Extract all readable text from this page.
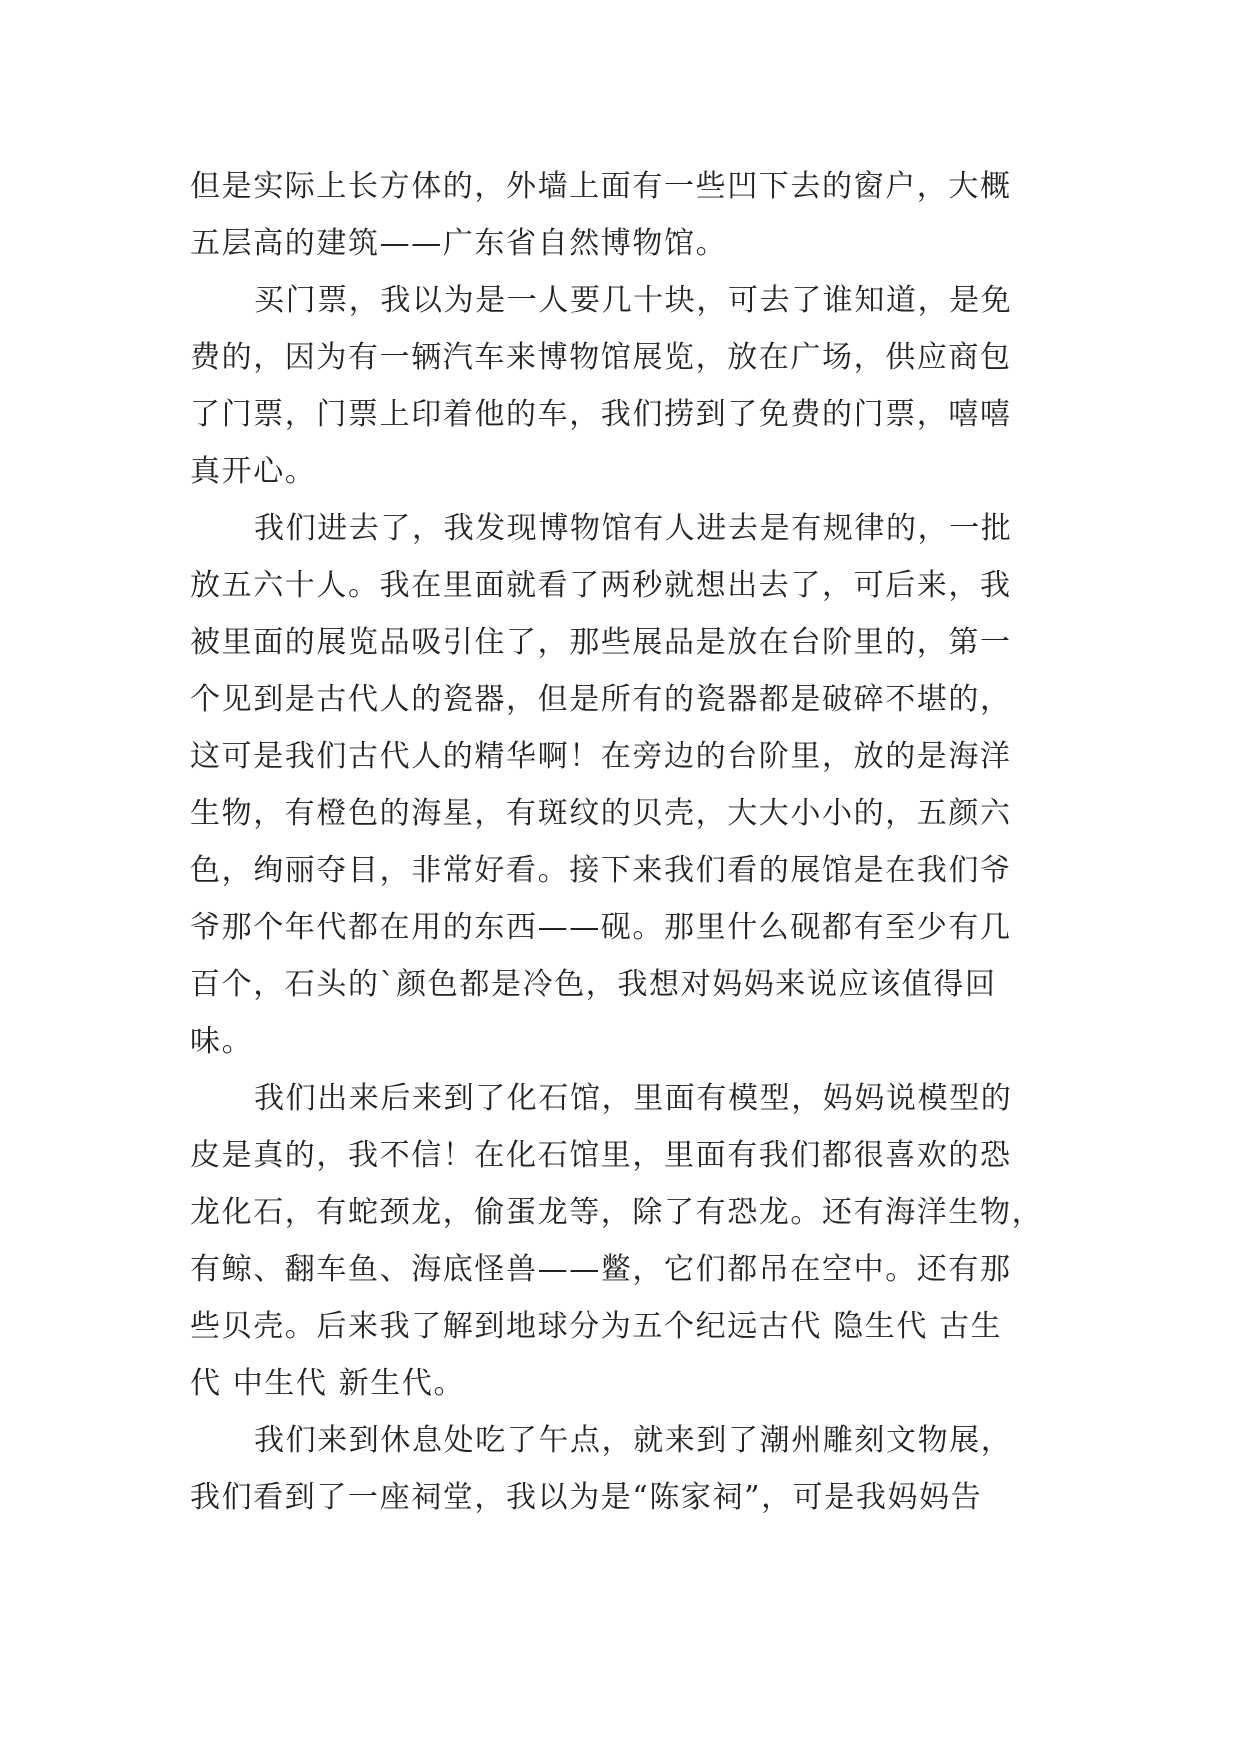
但是实际上长方体的，外墙上面有一些凹下去的窗户，大概
五层高的建筑——广东省自然博物馆。
买门票，我以为是一人要几十块，可去了谁知道，是免
费的，因为有一辆汽车来博物馆展览，放在广场，供应商包
了门票，门票上印着他的车，我们捞到了免费的门票，嘻嘻
真开心。
我们进去了，我发现博物馆有人进去是有规律的，一批
放五六十人。我在里面就看了两秒就想出去了，可后来，我
被里面的展览品吸引住了，那些展品是放在台阶里的，第一
个见到是古代人的瓷器，但是所有的瓷器都是破碎不堪的，
这可是我们古代人的精华啊！在旁边的台阶里，放的是海洋
生物，有橙色的海星，有斑纹的贝壳，大大小小的，五颜六
色，绚丽夺目，非常好看。接下来我们看的展馆是在我们爷
爷那个年代都在用的东西——砚。那里什么砚都有至少有几
百个，石头的`颜色都是冷色，我想对妈妈来说应该值得回
味。
我们出来后来到了化石馆，里面有模型，妈妈说模型的
皮是真的，我不信！在化石馆里，里面有我们都很喜欢的恐
龙化石，有蛇颈龙，偷蛋龙等，除了有恐龙。还有海洋生物，
有鲸、翻车鱼、海底怪兽——鳖，它们都吊在空中。还有那
些贝壳。后来我了解到地球分为五个纪远古代 隐生代 古生
代 中生代 新生代。
我们来到休息处吃了午点，就来到了潮州雕刻文物展，
我们看到了一座祠堂，我以为是“陈家祠”，可是我妈妈告
